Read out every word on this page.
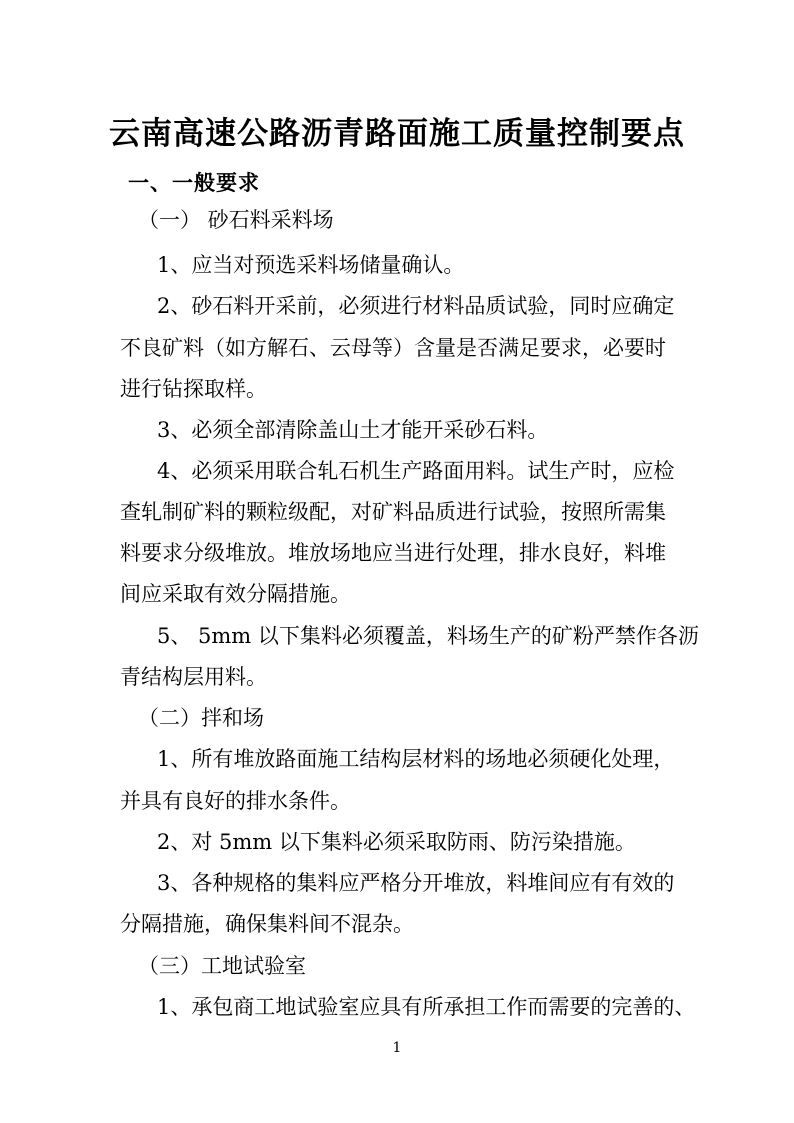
云南高速公路沥青路面施工质量控制要点
一、一般要求
（一） 砂石料采料场
1、应当对预选采料场储量确认。
2、砂石料开采前，必须进行材料品质试验，同时应确定
不良矿料（如方解石、云母等）含量是否满足要求，必要时
进行钻探取样。
3、必须全部清除盖山土才能开采砂石料。
4、必须采用联合轧石机生产路面用料。试生产时，应检
查轧制矿料的颗粒级配，对矿料品质进行试验，按照所需集
料要求分级堆放。堆放场地应当进行处理，排水良好，料堆
间应采取有效分隔措施。
5、 5mm 以下集料必须覆盖，料场生产的矿粉严禁作各沥
青结构层用料。
（二）拌和场
1、所有堆放路面施工结构层材料的场地必须硬化处理，
并具有良好的排水条件。
2、对 5mm 以下集料必须采取防雨、防污染措施。
3、各种规格的集料应严格分开堆放，料堆间应有有效的
分隔措施，确保集料间不混杂。
（三）工地试验室
1、承包商工地试验室应具有所承担工作而需要的完善的、
1
